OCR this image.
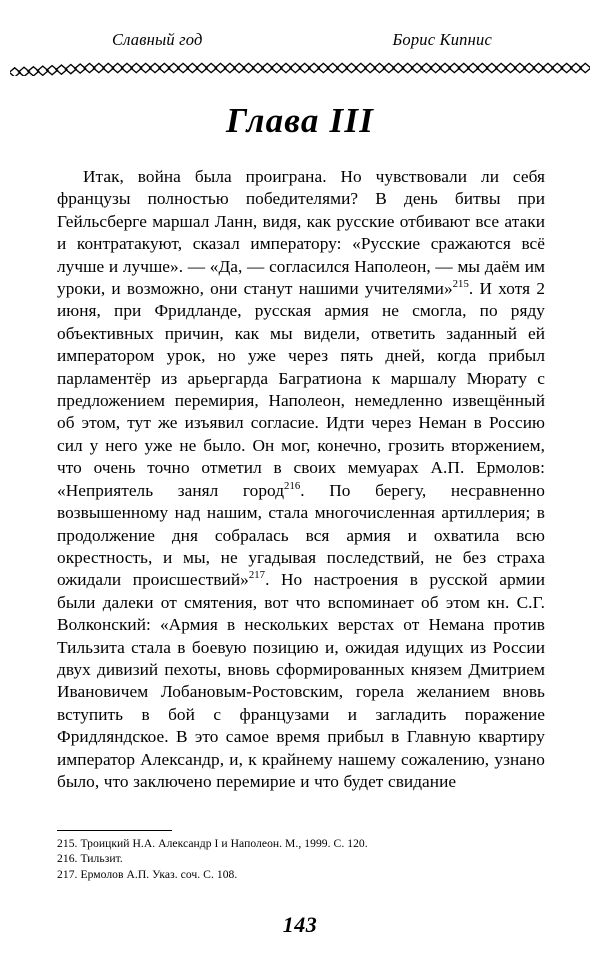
Славный год	Борис Кипнис
Глава III

Итак, война была проиграна. Но чувствовали ли себя французы полностью победителями? В день битвы при Гейльсберге маршал Ланн, видя, как русские отбивают все атаки и контратакуют, сказал императору: «Русские сражаются всё лучше и лучше». — «Да, — согласился Наполеон, — мы даём им уроки, и возможно, они станут нашими учителями»$^{215}$. И хотя 2 июня, при Фридланде, русская армия не смогла, по ряду объективных причин, как мы видели, ответить заданный ей императором урок, но уже через пять дней, когда прибыл парламентёр из арьергарда Багратиона к маршалу Мюрату с предложением перемирия, Наполеон, немедленно извещённый об этом, тут же изъявил согласие. Идти через Неман в Россию сил у него уже не было. Он мог, конечно, грозить вторжением, что очень точно отметил в своих мемуарах А.П. Ермолов: «Неприятель занял город$^{216}$. По берегу, несравненно возвышенному над нашим, стала многочисленная артиллерия; в продолжение дня собралась вся армия и охватила всю окрестность, и мы, не угадывая последствий, не без страха ожидали происшествий»$^{217}$. Но настроения в русской армии были далеки от смятения, вот что вспоминает об этом кн. С.Г. Волконский: «Армия в нескольких верстах от Немана против Тильзита стала в боевую позицию и, ожидая идущих из России двух дивизий пехоты, вновь сформированных князем Дмитрием Ивановичем Лобановым-Ростовским, горела желанием вновь вступить в бой с французами и загладить поражение Фридляндское. В это самое время прибыл в Главную квартиру император Александр, и, к крайнему нашему сожалению, узнано было, что заключено перемирие и что будет свидание

215. Троицкий Н.А. Александр I и Наполеон. М., 1999. С. 120.
216. Тильзит.
217. Ермолов А.П. Указ. соч. С. 108.
143
